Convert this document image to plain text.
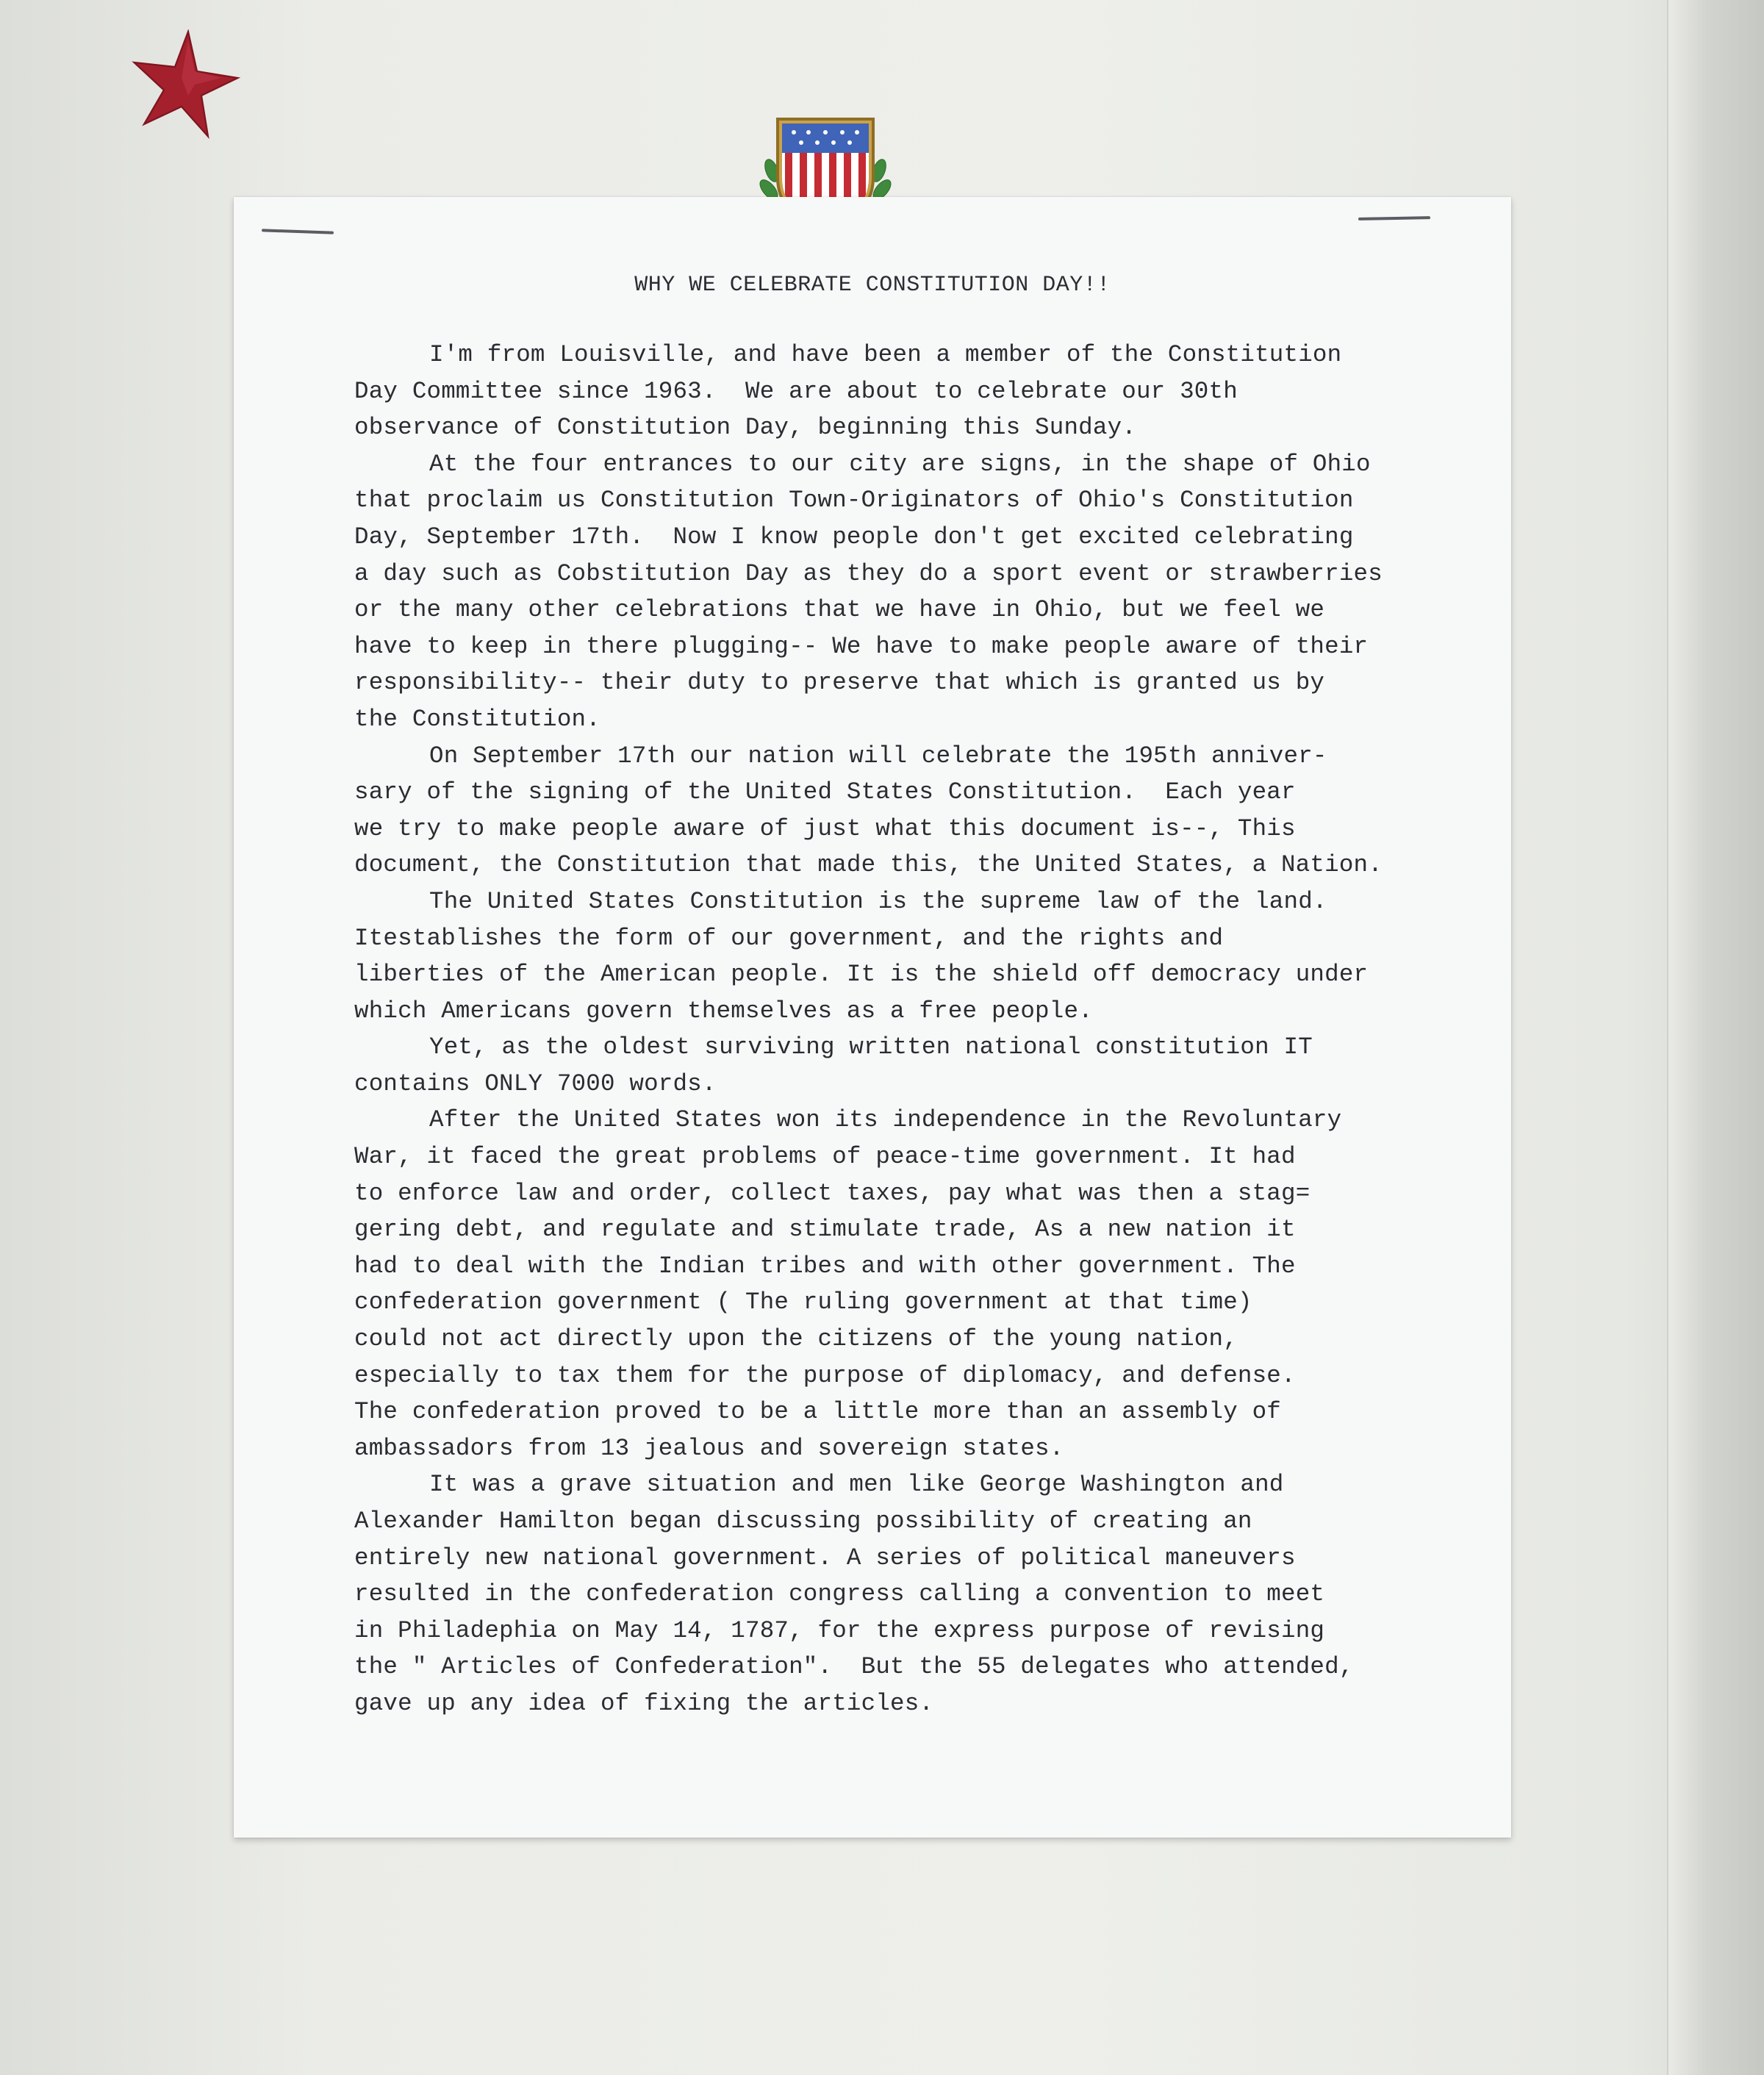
WHY WE CELEBRATE CONSTITUTION DAY!!
I'm from Louisville, and have been a member of the Constitution
Day Committee since 1963.  We are about to celebrate our 30th
observance of Constitution Day, beginning this Sunday.
At the four entrances to our city are signs, in the shape of Ohio
that proclaim us Constitution Town-Originators of Ohio's Constitution
Day, September 17th.  Now I know people don't get excited celebrating
a day such as Cobstitution Day as they do a sport event or strawberries
or the many other celebrations that we have in Ohio, but we feel we
have to keep in there plugging-- We have to make people aware of their
responsibility-- their duty to preserve that which is granted us by
the Constitution.
On September 17th our nation will celebrate the 195th anniver-
sary of the signing of the United States Constitution.  Each year
we try to make people aware of just what this document is--, This
document, the Constitution that made this, the United States, a Nation.
The United States Constitution is the supreme law of the land.
Itestablishes the form of our government, and the rights and
liberties of the American people. It is the shield off democracy under
which Americans govern themselves as a free people.
Yet, as the oldest surviving written national constitution IT
contains ONLY 7000 words.
After the United States won its independence in the Revoluntary
War, it faced the great problems of peace-time government. It had
to enforce law and order, collect taxes, pay what was then a stag=
gering debt, and regulate and stimulate trade, As a new nation it
had to deal with the Indian tribes and with other government. The
confederation government ( The ruling government at that time)
could not act directly upon the citizens of the young nation,
especially to tax them for the purpose of diplomacy, and defense.
The confederation proved to be a little more than an assembly of
ambassadors from 13 jealous and sovereign states.
It was a grave situation and men like George Washington and
Alexander Hamilton began discussing possibility of creating an
entirely new national government. A series of political maneuvers
resulted in the confederation congress calling a convention to meet
in Philadephia on May 14, 1787, for the express purpose of revising
the " Articles of Confederation".  But the 55 delegates who attended,
gave up any idea of fixing the articles.
